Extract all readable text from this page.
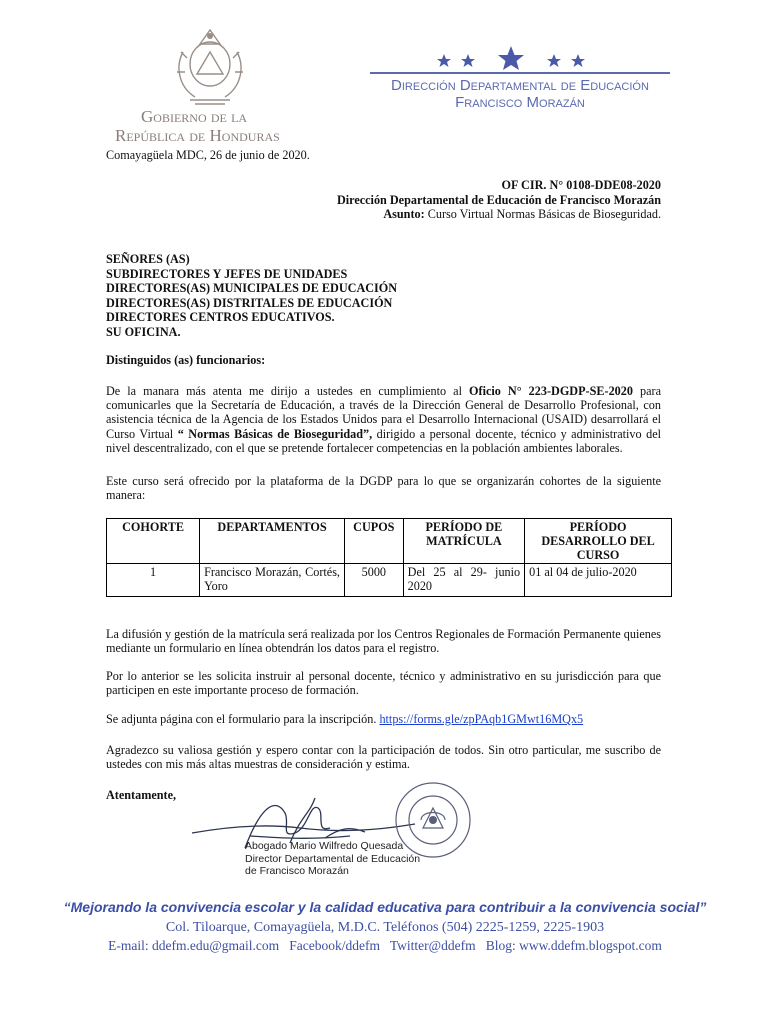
Gobierno de la
República de Honduras
Dirección Departamental de Educación
Francisco Morazán
Comayagüela MDC, 26 de junio de 2020.
OF CIR. N° 0108-DDE08-2020
Dirección Departamental de Educación de Francisco Morazán
Asunto: Curso Virtual Normas Básicas de Bioseguridad.
SEÑORES (AS)
SUBDIRECTORES Y JEFES DE UNIDADES
DIRECTORES(AS) MUNICIPALES DE EDUCACIÓN
DIRECTORES(AS) DISTRITALES DE EDUCACIÓN
DIRECTORES CENTROS EDUCATIVOS.
SU OFICINA.
Distinguidos (as) funcionarios:
De la manara más atenta me dirijo a ustedes en cumplimiento al Oficio N° 223-DGDP-SE-2020 para comunicarles que la Secretaría de Educación, a través de la Dirección General de Desarrollo Profesional, con asistencia técnica de la Agencia de los Estados Unidos para el Desarrollo Internacional (USAID) desarrollará el Curso Virtual “ Normas Básicas de Bioseguridad”, dirigido a personal docente, técnico y administrativo del nivel descentralizado, con el que se pretende fortalecer competencias en la población ambientes laborales.
Este curso será ofrecido por la plataforma de la DGDP para lo que se organizarán cohortes de la siguiente manera:
COHORTE	DEPARTAMENTOS	CUPOS	PERÍODO DE MATRÍCULA	PERÍODO DESARROLLO DEL CURSO
1	Francisco Morazán, Cortés, Yoro	5000	Del 25 al 29- junio 2020	01 al 04 de julio-2020
La difusión y gestión de la matrícula será realizada por los Centros Regionales de Formación Permanente quienes mediante un formulario en línea obtendrán los datos para el registro.
Por lo anterior se les solicita instruir al personal docente, técnico y administrativo en su jurisdicción para que participen en este importante proceso de formación.
Se adjunta página con el formulario para la inscripción. https://forms.gle/zpPAqb1GMwt16MQx5
Agradezco su valiosa gestión y espero contar con la participación de todos. Sin otro particular, me suscribo de ustedes con mis más altas muestras de consideración y estima.
Atentamente,
Abogado Mario Wilfredo Quesada
Director Departamental de Educación
de Francisco Morazán
“Mejorando la convivencia escolar y la calidad educativa para contribuir a la convivencia social”
Col. Tiloarque, Comayagüela, M.D.C. Teléfonos (504) 2225-1259, 2225-1903
E-mail: ddefm.edu@gmail.com   Facebook/ddefm   Twitter@ddefm   Blog: www.ddefm.blogspot.com
